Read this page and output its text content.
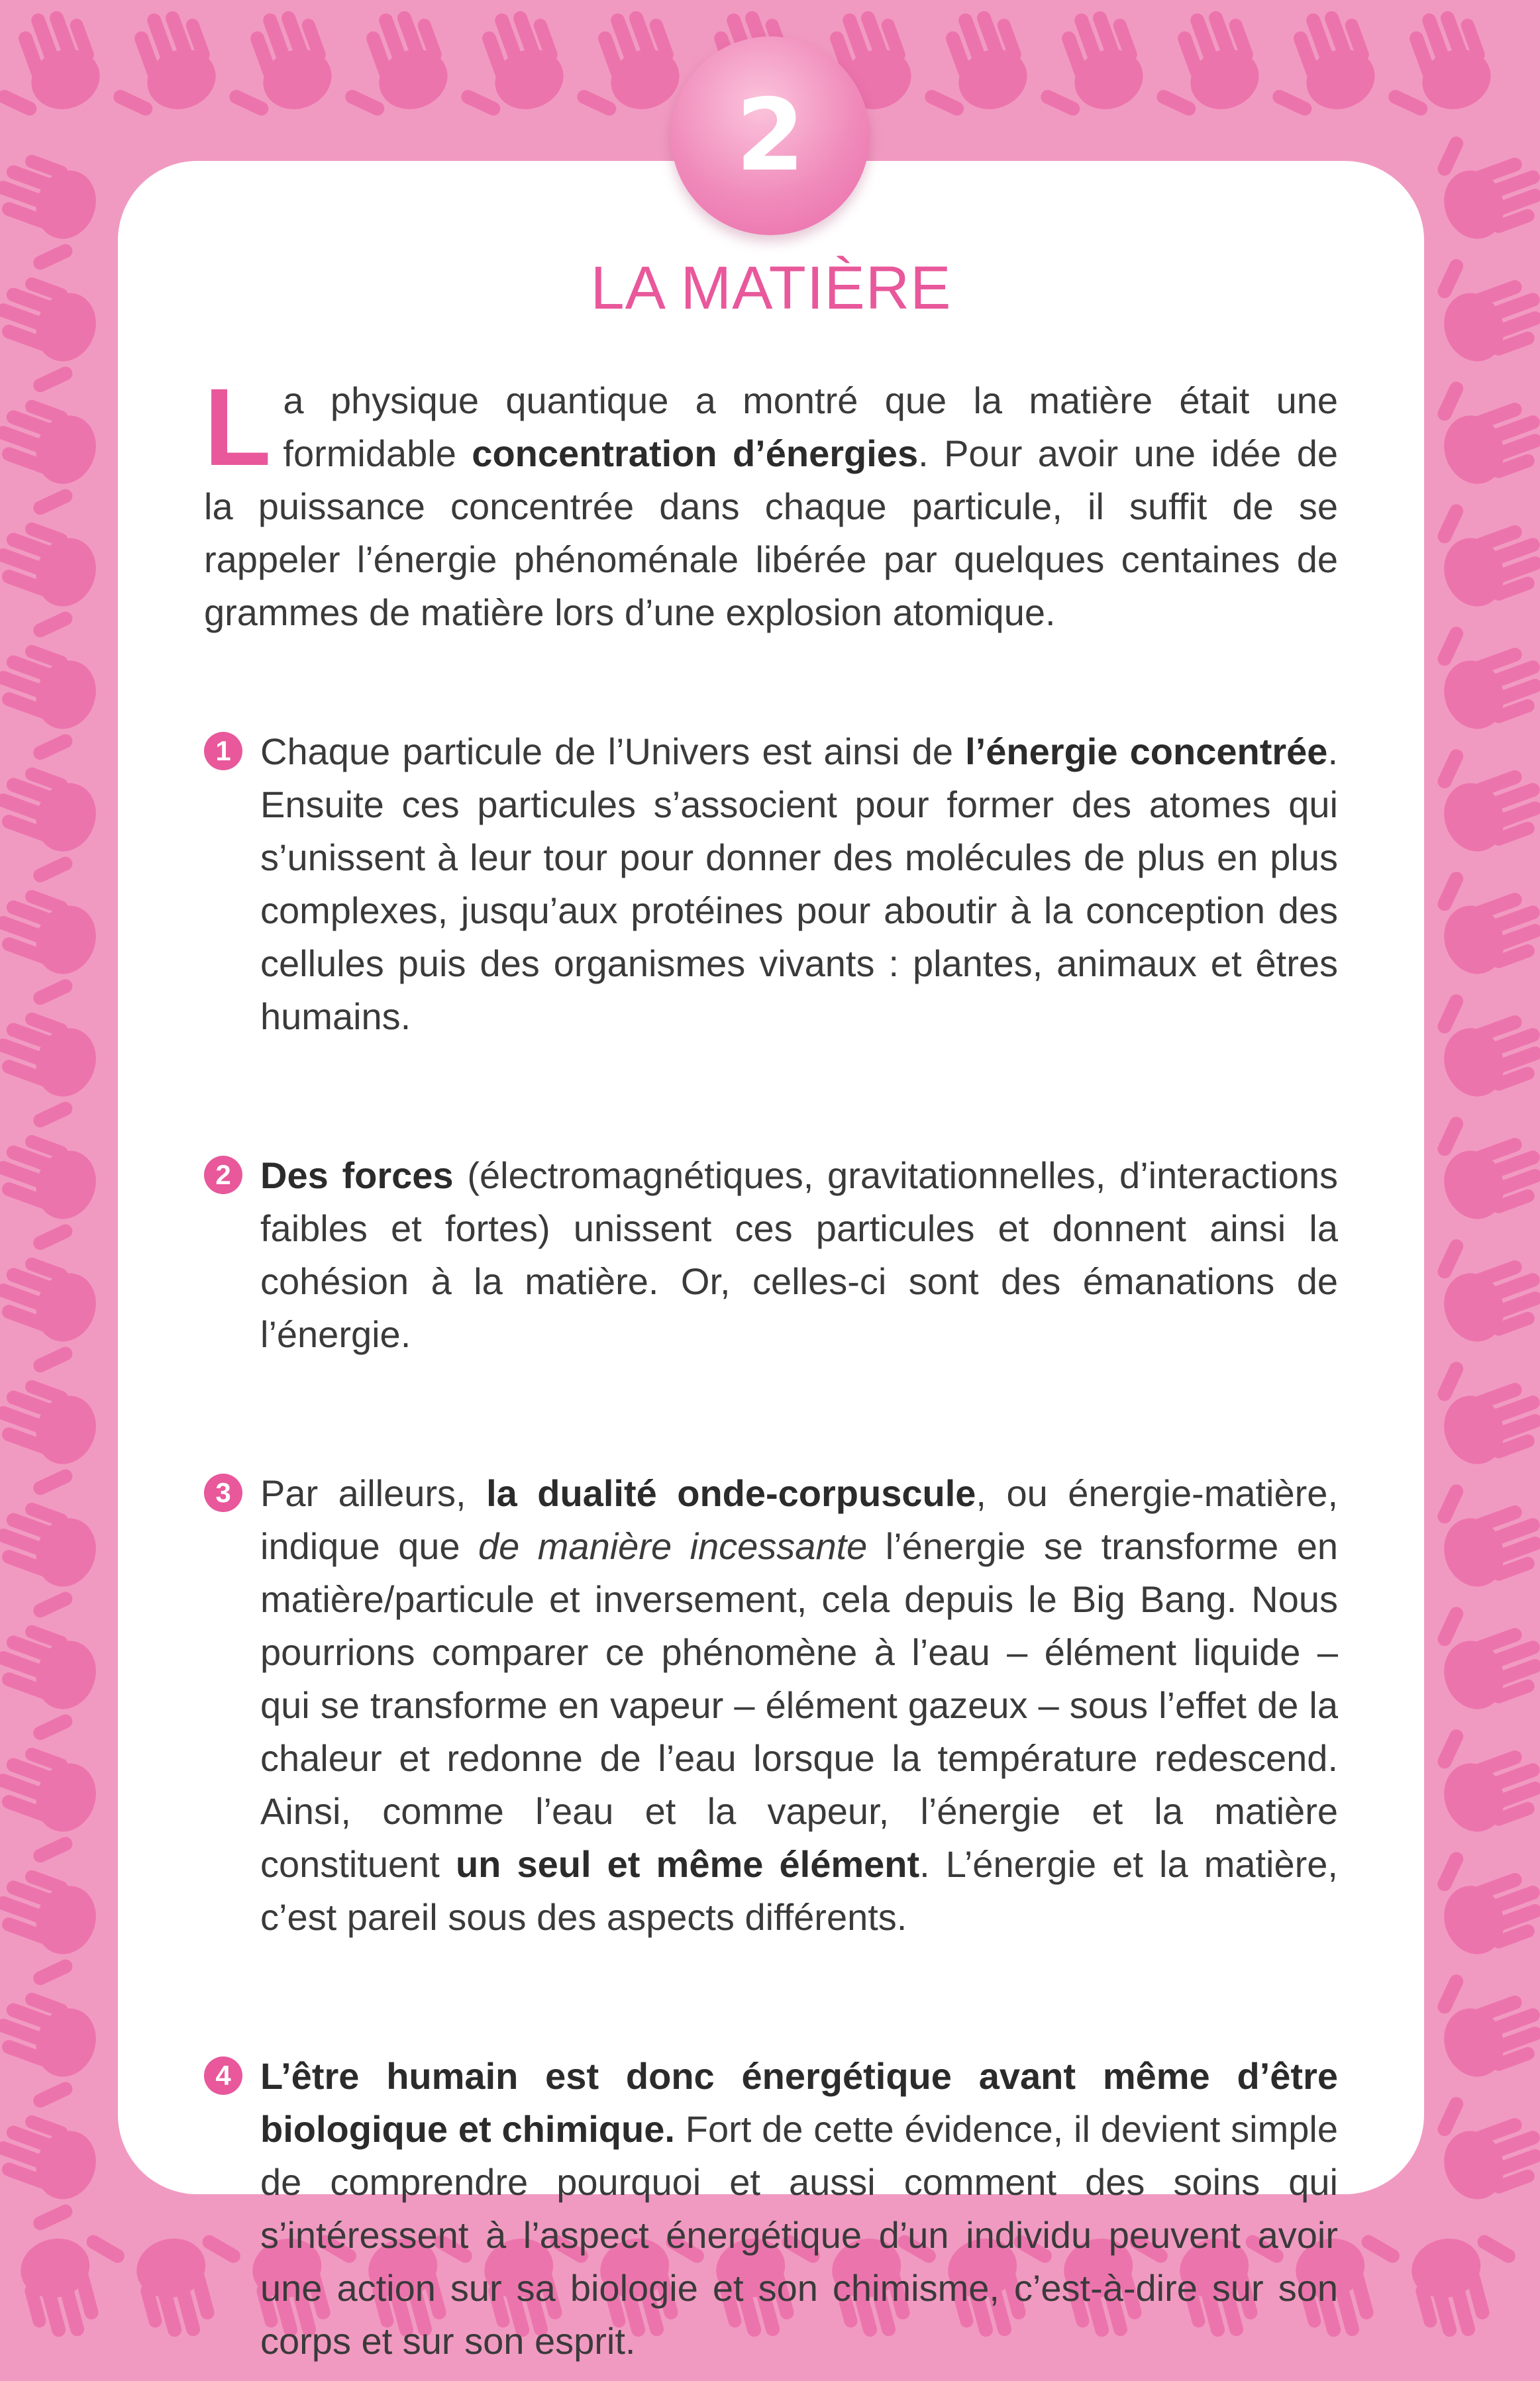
2
LA MATIÈRE

La physique quantique a montré que la matière était une formidable concentration d’énergies. Pour avoir une idée de la puissance concentrée dans chaque particule, il suffit de se rappeler l’énergie phénoménale libérée par quelques centaines de grammes de matière lors d’une explosion atomique.

1 Chaque particule de l’Univers est ainsi de l’énergie concentrée. Ensuite ces particules s’associent pour former des atomes qui s’unissent à leur tour pour donner des molécules de plus en plus complexes, jusqu’aux protéines pour aboutir à la conception des cellules puis des organismes vivants : plantes, animaux et êtres humains.

2 Des forces (électromagnétiques, gravitationnelles, d’interactions faibles et fortes) unissent ces particules et donnent ainsi la cohésion à la matière. Or, celles-ci sont des émanations de l’énergie.

3 Par ailleurs, la dualité onde-corpuscule, ou énergie-matière, indique que de manière incessante l’énergie se transforme en matière/particule et inversement, cela depuis le Big Bang. Nous pourrions comparer ce phénomène à l’eau – élément liquide – qui se transforme en vapeur – élément gazeux – sous l’effet de la chaleur et redonne de l’eau lorsque la température redescend. Ainsi, comme l’eau et la vapeur, l’énergie et la matière constituent un seul et même élément. L’énergie et la matière, c’est pareil sous des aspects différents.

4 L’être humain est donc énergétique avant même d’être biologique et chimique. Fort de cette évidence, il devient simple de comprendre pourquoi et aussi comment des soins qui s’intéressent à l’aspect énergétique d’un individu peuvent avoir une action sur sa biologie et son chimisme, c’est-à-dire sur son corps et sur son esprit.
